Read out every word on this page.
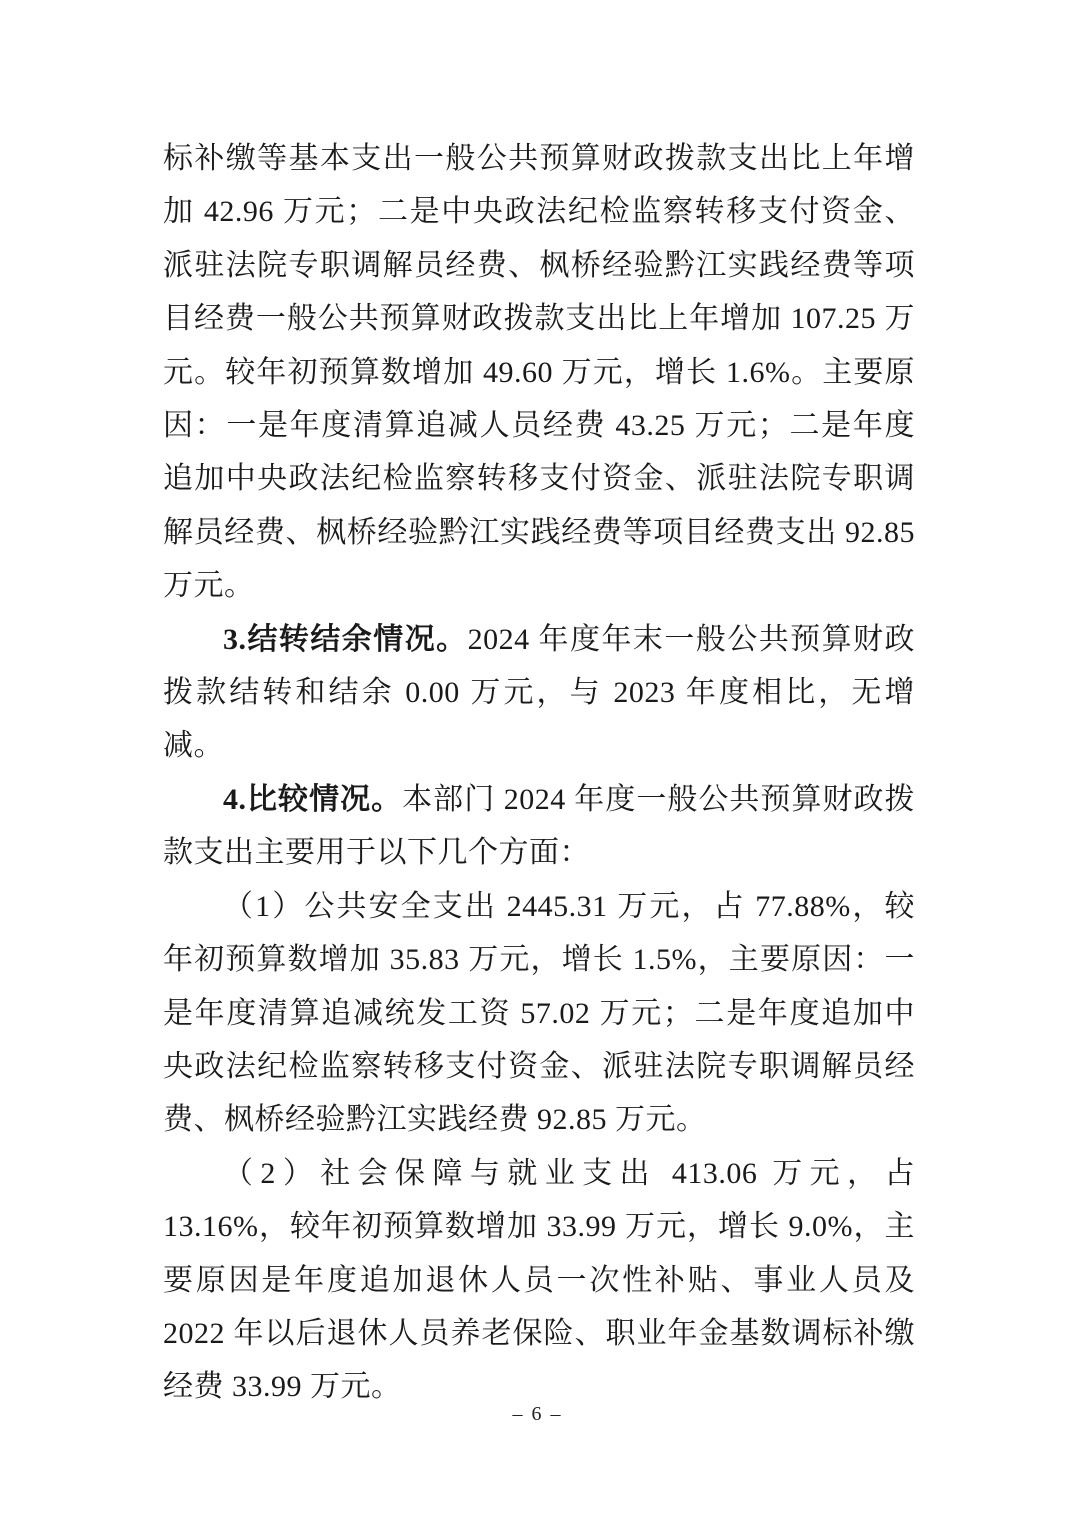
标补缴等基本支出一般公共预算财政拨款支出比上年增加 42.96 万元；二是中央政法纪检监察转移支付资金、派驻法院专职调解员经费、枫桥经验黔江实践经费等项目经费一般公共预算财政拨款支出比上年增加 107.25 万元。较年初预算数增加 49.60 万元，增长 1.6%。主要原因：一是年度清算追减人员经费 43.25 万元；二是年度追加中央政法纪检监察转移支付资金、派驻法院专职调解员经费、枫桥经验黔江实践经费等项目经费支出 92.85 万元。

3.结转结余情况。2024 年度年末一般公共预算财政拨款结转和结余 0.00 万元，与 2023 年度相比，无增减。

4.比较情况。本部门 2024 年度一般公共预算财政拨款支出主要用于以下几个方面：

（1）公共安全支出 2445.31 万元，占 77.88%，较年初预算数增加 35.83 万元，增长 1.5%，主要原因：一是年度清算追减统发工资 57.02 万元；二是年度追加中央政法纪检监察转移支付资金、派驻法院专职调解员经费、枫桥经验黔江实践经费 92.85 万元。

（2）社会保障与就业支出 413.06 万元，占 13.16%，较年初预算数增加 33.99 万元，增长 9.0%，主要原因是年度追加退休人员一次性补贴、事业人员及 2022 年以后退休人员养老保险、职业年金基数调标补缴经费 33.99 万元。

– 6 –
